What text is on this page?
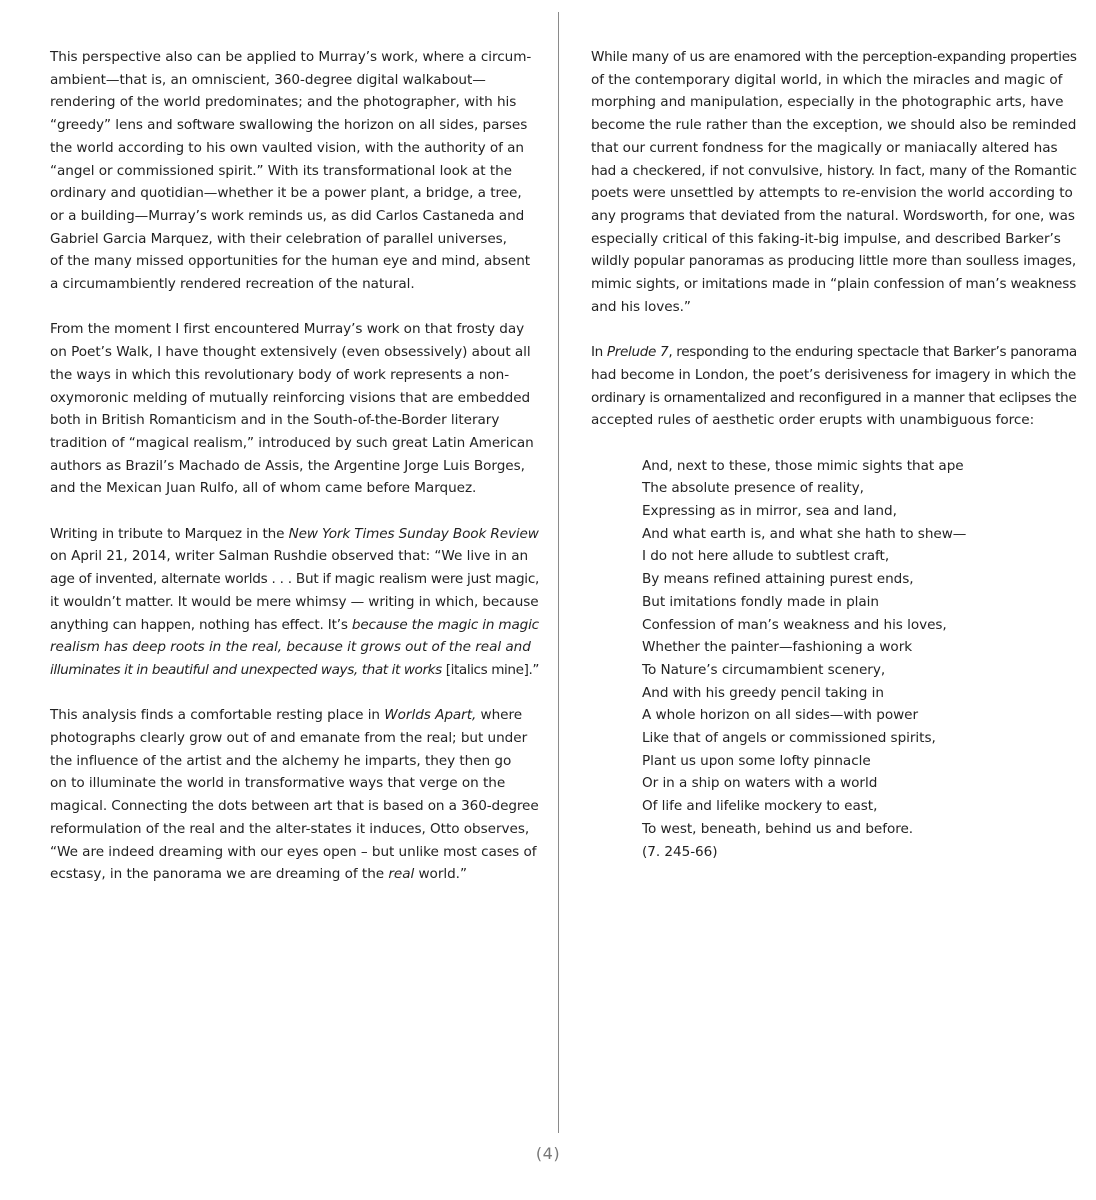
This perspective also can be applied to Murray’s work, where a circum-
ambient—that is, an omniscient, 360-degree digital walkabout—
rendering of the world predominates; and the photographer, with his
“greedy” lens and software swallowing the horizon on all sides, parses
the world according to his own vaulted vision, with the authority of an
“angel or commissioned spirit.” With its transformational look at the
ordinary and quotidian—whether it be a power plant, a bridge, a tree,
or a building—Murray’s work reminds us, as did Carlos Castaneda and
Gabriel Garcia Marquez, with their celebration of parallel universes,
of the many missed opportunities for the human eye and mind, absent
a circumambiently rendered recreation of the natural.
From the moment I first encountered Murray’s work on that frosty day
on Poet’s Walk, I have thought extensively (even obsessively) about all
the ways in which this revolutionary body of work represents a non-
oxymoronic melding of mutually reinforcing visions that are embedded
both in British Romanticism and in the South-of-the-Border literary
tradition of “magical realism,” introduced by such great Latin American
authors as Brazil’s Machado de Assis, the Argentine Jorge Luis Borges,
and the Mexican Juan Rulfo, all of whom came before Marquez.
Writing in tribute to Marquez in the New York Times Sunday Book Review
on April 21, 2014, writer Salman Rushdie observed that: “We live in an
age of invented, alternate worlds . . . But if magic realism were just magic,
it wouldn’t matter. It would be mere whimsy — writing in which, because
anything can happen, nothing has effect. It’s because the magic in magic
realism has deep roots in the real, because it grows out of the real and
illuminates it in beautiful and unexpected ways, that it works [italics mine].”
This analysis finds a comfortable resting place in Worlds Apart, where
photographs clearly grow out of and emanate from the real; but under
the influence of the artist and the alchemy he imparts, they then go
on to illuminate the world in transformative ways that verge on the
magical. Connecting the dots between art that is based on a 360-degree
reformulation of the real and the alter-states it induces, Otto observes,
“We are indeed dreaming with our eyes open – but unlike most cases of
ecstasy, in the panorama we are dreaming of the real world.”
While many of us are enamored with the perception-expanding properties
of the contemporary digital world, in which the miracles and magic of
morphing and manipulation, especially in the photographic arts, have
become the rule rather than the exception, we should also be reminded
that our current fondness for the magically or maniacally altered has
had a checkered, if not convulsive, history. In fact, many of the Romantic
poets were unsettled by attempts to re-envision the world according to
any programs that deviated from the natural. Wordsworth, for one, was
especially critical of this faking-it-big impulse, and described Barker’s
wildly popular panoramas as producing little more than soulless images,
mimic sights, or imitations made in “plain confession of man’s weakness
and his loves.”
In Prelude 7, responding to the enduring spectacle that Barker’s panorama
had become in London, the poet’s derisiveness for imagery in which the
ordinary is ornamentalized and reconfigured in a manner that eclipses the
accepted rules of aesthetic order erupts with unambiguous force:
And, next to these, those mimic sights that ape
The absolute presence of reality,
Expressing as in mirror, sea and land,
And what earth is, and what she hath to shew—
I do not here allude to subtlest craft,
By means refined attaining purest ends,
But imitations fondly made in plain
Confession of man’s weakness and his loves,
Whether the painter—fashioning a work
To Nature’s circumambient scenery,
And with his greedy pencil taking in
A whole horizon on all sides—with power
Like that of angels or commissioned spirits,
Plant us upon some lofty pinnacle
Or in a ship on waters with a world
Of life and lifelike mockery to east,
To west, beneath, behind us and before.
(7. 245-66)
(4)
